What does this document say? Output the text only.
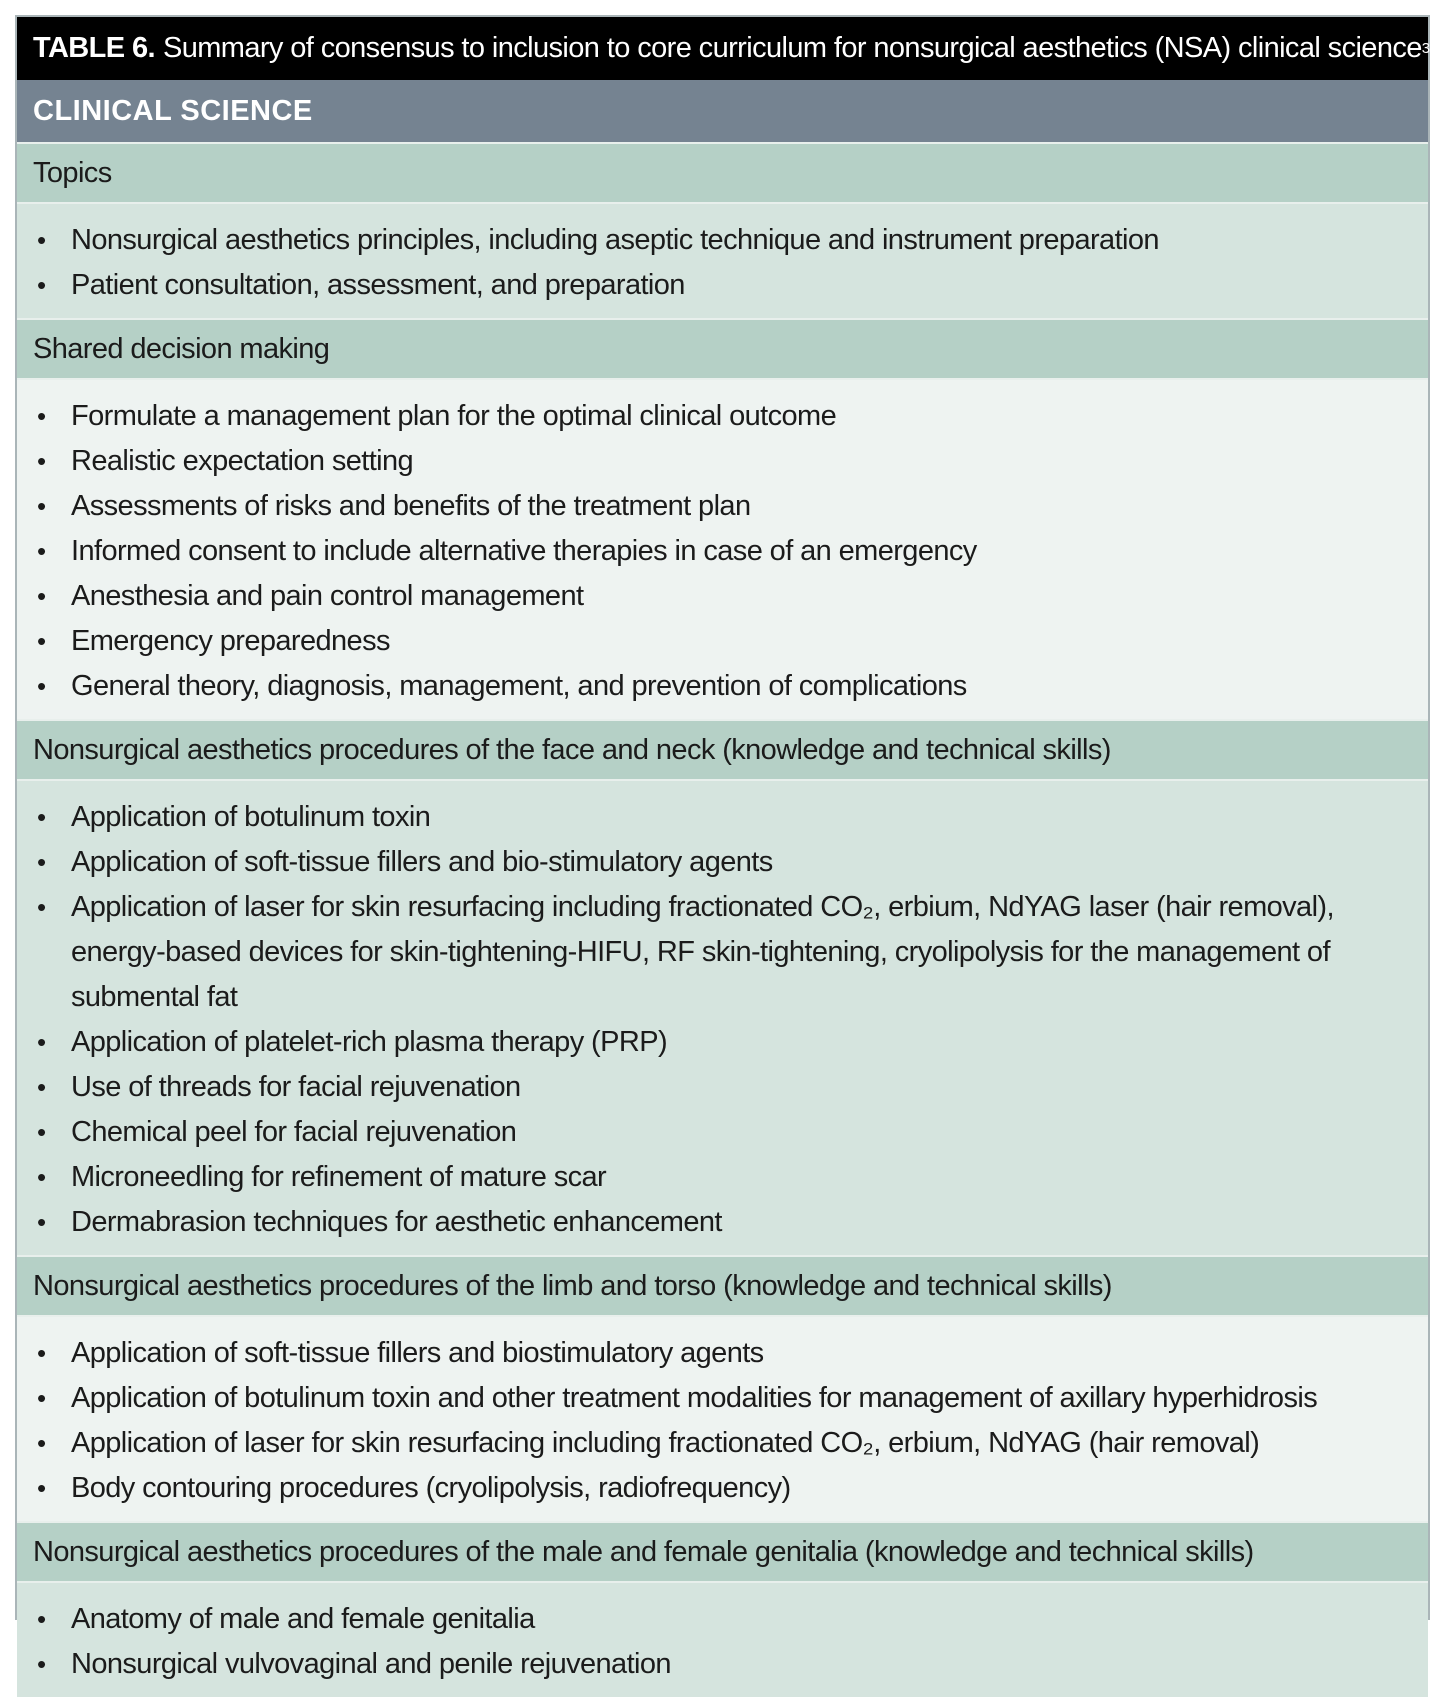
TABLE 6. Summary of consensus to inclusion to core curriculum for nonsurgical aesthetics (NSA) clinical science 37
CLINICAL SCIENCE
Topics
• Nonsurgical aesthetics principles, including aseptic technique and instrument preparation
• Patient consultation, assessment, and preparation
Shared decision making
• Formulate a management plan for the optimal clinical outcome
• Realistic expectation setting
• Assessments of risks and benefits of the treatment plan
• Informed consent to include alternative therapies in case of an emergency
• Anesthesia and pain control management
• Emergency preparedness
• General theory, diagnosis, management, and prevention of complications
Nonsurgical aesthetics procedures of the face and neck (knowledge and technical skills)
• Application of botulinum toxin
• Application of soft-tissue fillers and bio-stimulatory agents
• Application of laser for skin resurfacing including fractionated CO₂, erbium, NdYAG laser (hair removal), energy-based devices for skin-tightening-HIFU, RF skin-tightening, cryolipolysis for the management of submental fat
• Application of platelet-rich plasma therapy (PRP)
• Use of threads for facial rejuvenation
• Chemical peel for facial rejuvenation
• Microneedling for refinement of mature scar
• Dermabrasion techniques for aesthetic enhancement
Nonsurgical aesthetics procedures of the limb and torso (knowledge and technical skills)
• Application of soft-tissue fillers and biostimulatory agents
• Application of botulinum toxin and other treatment modalities for management of axillary hyperhidrosis
• Application of laser for skin resurfacing including fractionated CO₂, erbium, NdYAG (hair removal)
• Body contouring procedures (cryolipolysis, radiofrequency)
Nonsurgical aesthetics procedures of the male and female genitalia (knowledge and technical skills)
• Anatomy of male and female genitalia
• Nonsurgical vulvovaginal and penile rejuvenation
